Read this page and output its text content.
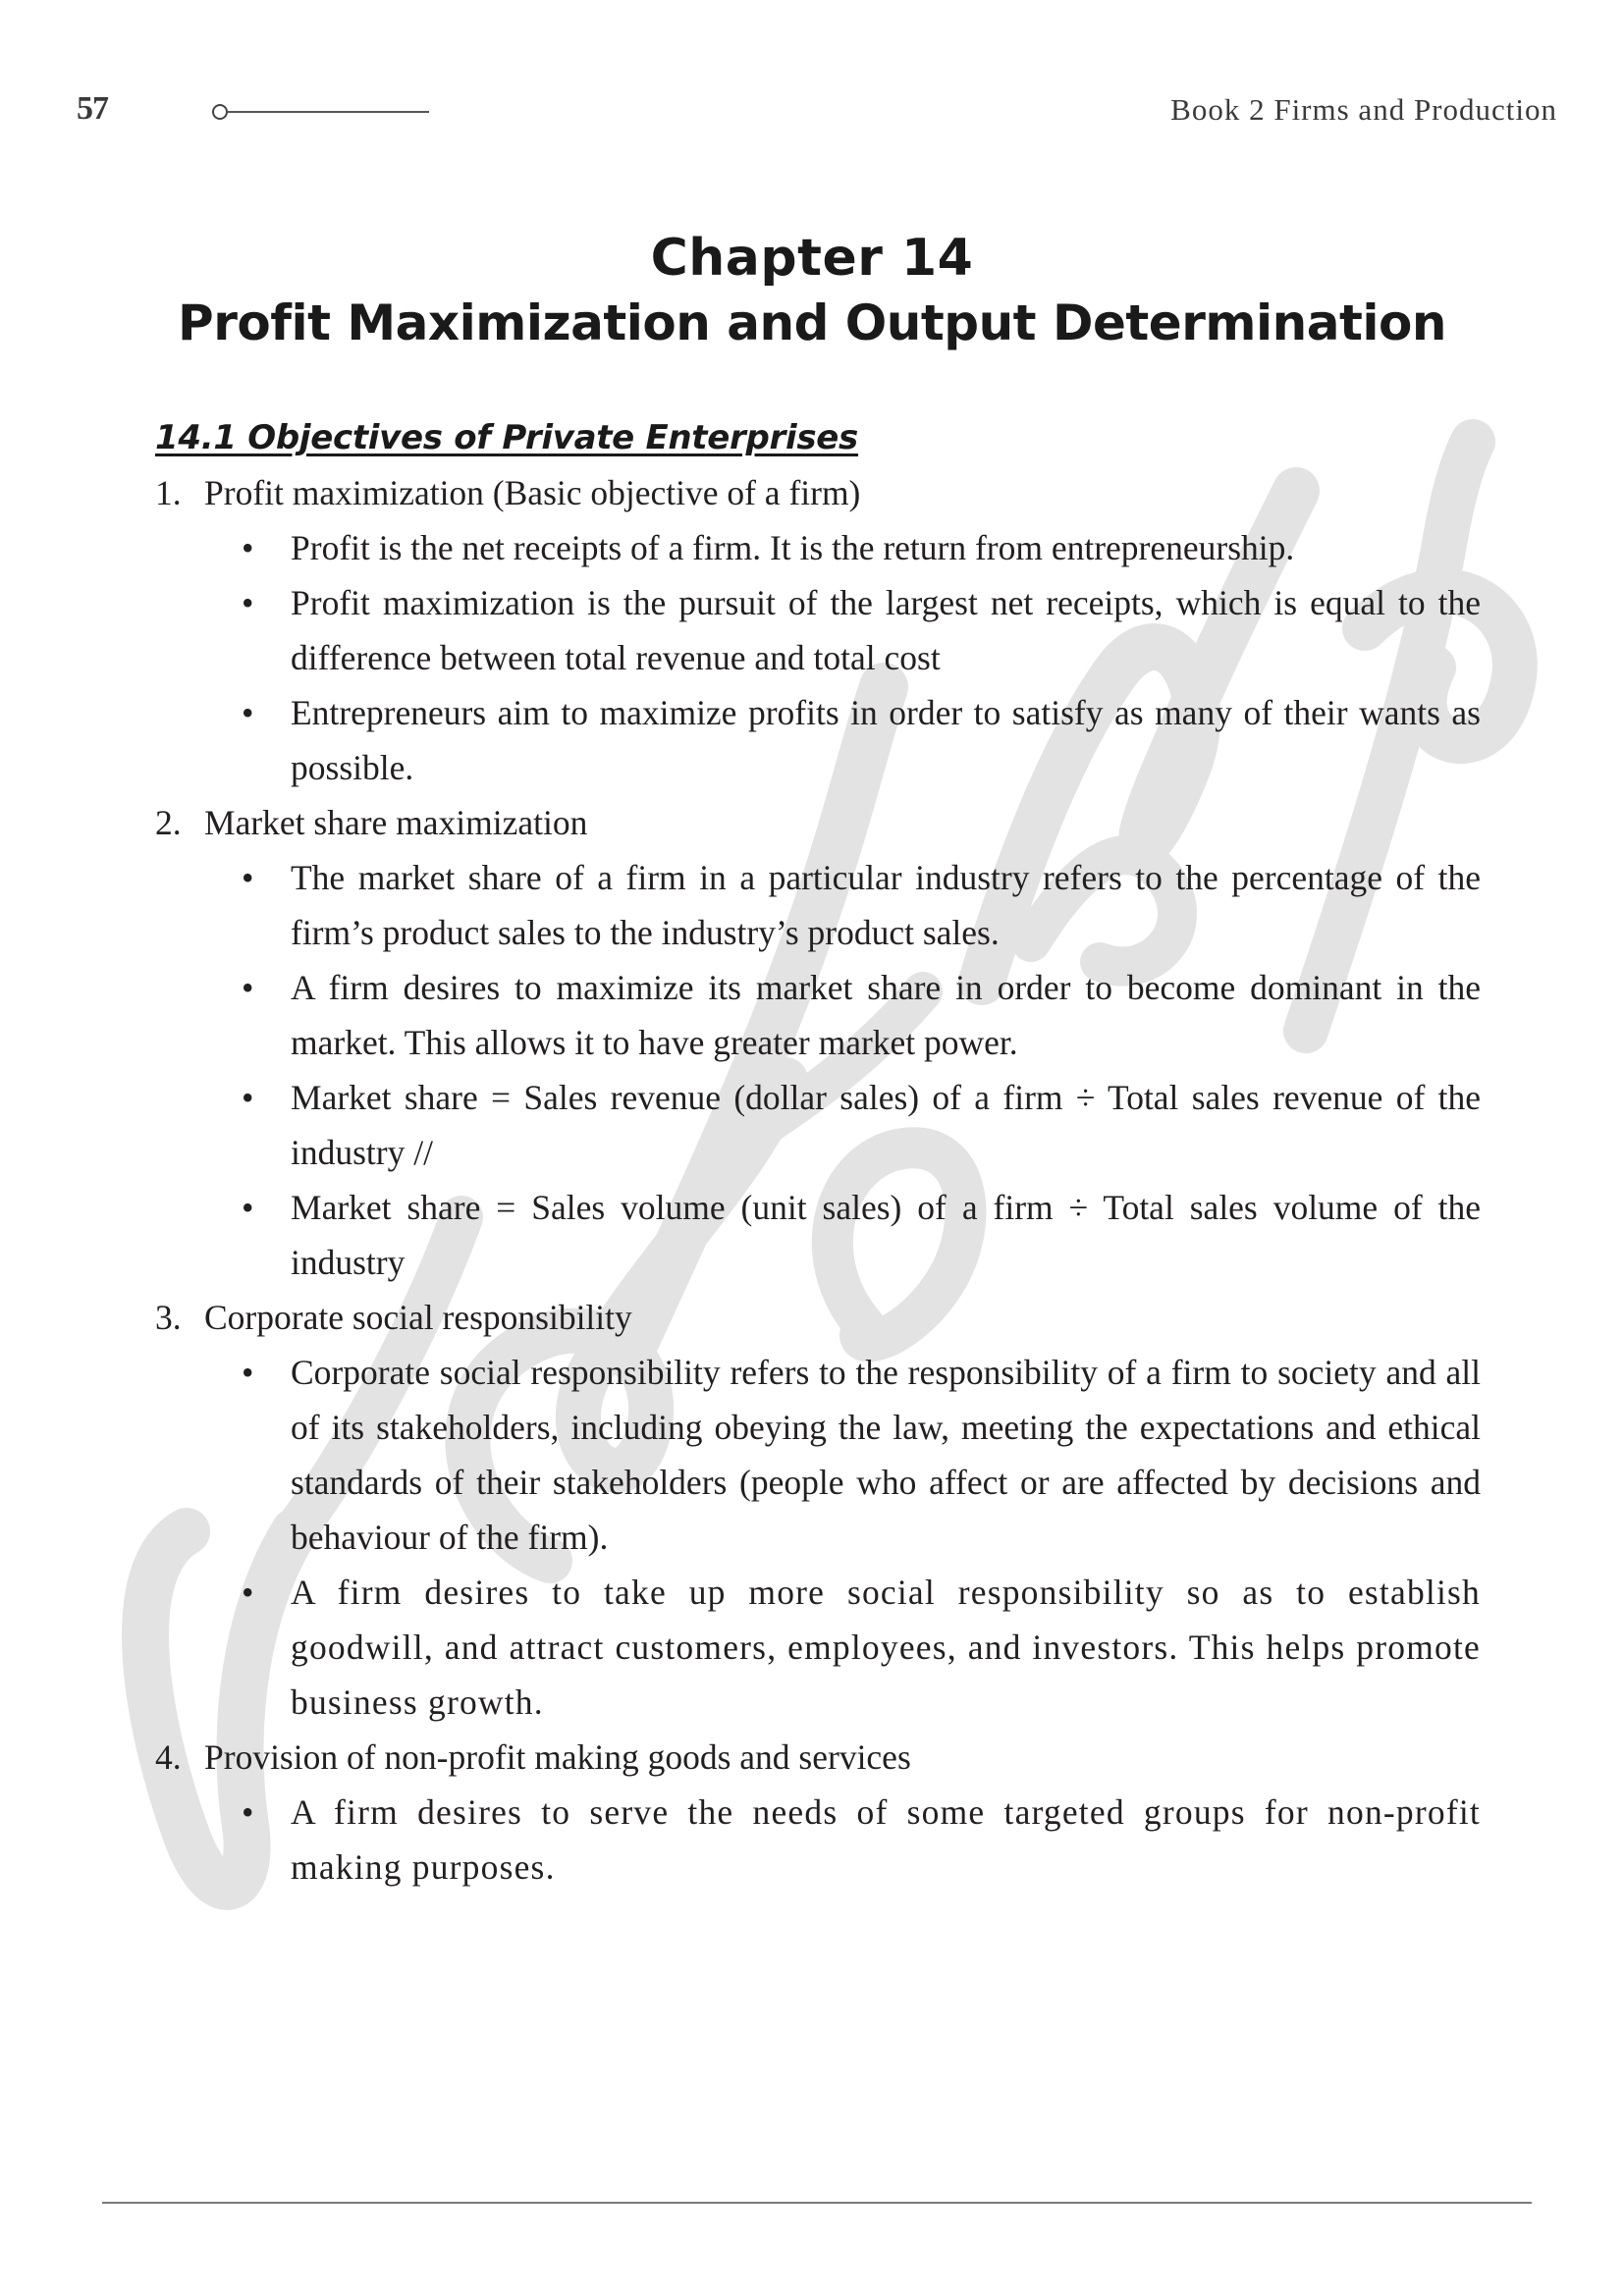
57	Book 2 Firms and Production
Chapter 14
Profit Maximization and Output Determination
14.1 Objectives of Private Enterprises
1. Profit maximization (Basic objective of a firm)
• Profit is the net receipts of a firm. It is the return from entrepreneurship.
• Profit maximization is the pursuit of the largest net receipts, which is equal to the difference between total revenue and total cost
• Entrepreneurs aim to maximize profits in order to satisfy as many of their wants as possible.
2. Market share maximization
• The market share of a firm in a particular industry refers to the percentage of the firm’s product sales to the industry’s product sales.
• A firm desires to maximize its market share in order to become dominant in the market. This allows it to have greater market power.
• Market share = Sales revenue (dollar sales) of a firm ÷ Total sales revenue of the industry //
• Market share = Sales volume (unit sales) of a firm ÷ Total sales volume of the industry
3. Corporate social responsibility
• Corporate social responsibility refers to the responsibility of a firm to society and all of its stakeholders, including obeying the law, meeting the expectations and ethical standards of their stakeholders (people who affect or are affected by decisions and behaviour of the firm).
• A firm desires to take up more social responsibility so as to establish goodwill, and attract customers, employees, and investors. This helps promote business growth.
4. Provision of non-profit making goods and services
• A firm desires to serve the needs of some targeted groups for non-profit making purposes.
